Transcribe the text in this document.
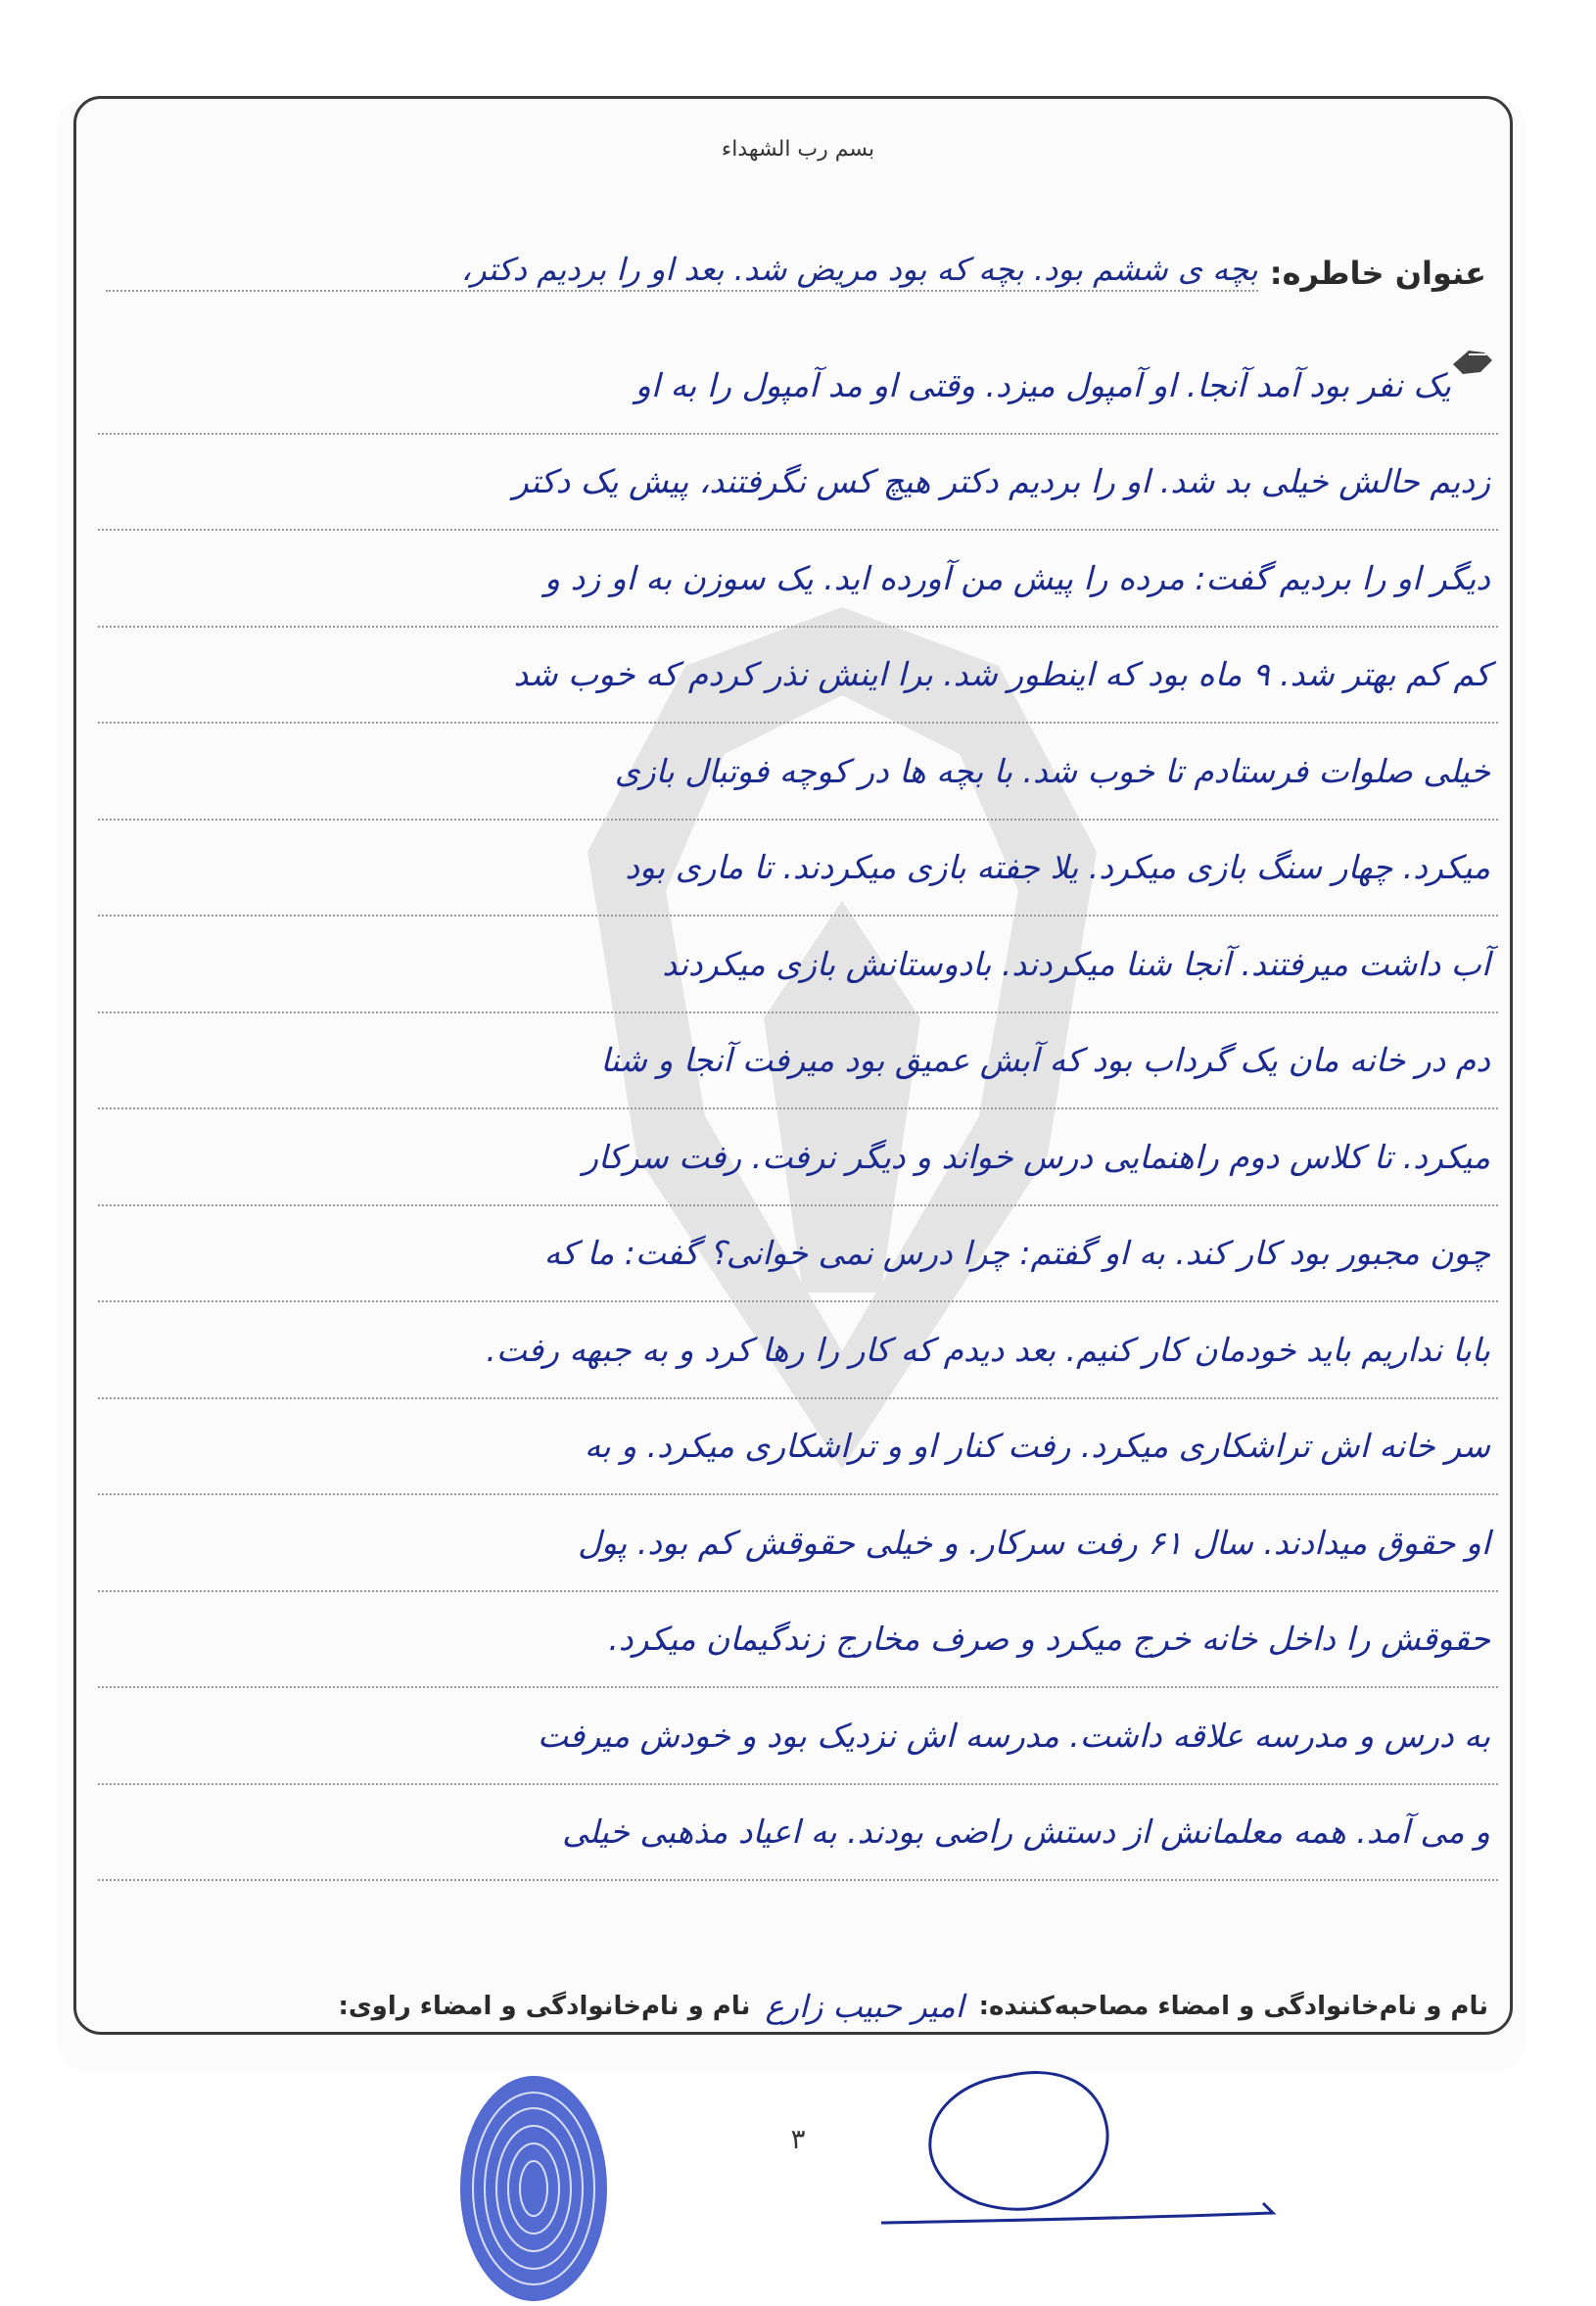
بسم رب الشهداء
عنوان خاطره:
بچه ی ششم بود. بچه که بود مریض شد. بعد او را بردیم دکتر،
یک نفر بود آمد آنجا. او آمپول میزد. وقتی او مد آمپول را به او
زدیم حالش خیلی بد شد. او را بردیم دکتر هیچ کس نگرفتند، پیش یک دکتر
دیگر او را بردیم گفت: مرده را پیش من آورده اید. یک سوزن به او زد و
کم کم بهتر شد. ۹ ماه بود که اینطور شد. برا اینش نذر کردم که خوب شد
خیلی صلوات فرستادم تا خوب شد. با بچه ها در کوچه فوتبال بازی
میکرد. چهار سنگ بازی میکرد. یلا جفته بازی میکردند. تا ماری بود
آب داشت میرفتند. آنجا شنا میکردند. بادوستانش بازی میکردند
دم در خانه مان یک گرداب بود که آبش عمیق بود میرفت آنجا و شنا
میکرد. تا کلاس دوم راهنمایی درس خواند و دیگر نرفت. رفت سرکار
چون مجبور بود کار کند. به او گفتم: چرا درس نمی خوانی؟ گفت: ما که
بابا نداریم باید خودمان کار کنیم. بعد دیدم که کار را رها کرد و به جبهه رفت.
سر خانه اش تراشکاری میکرد. رفت کنار او و تراشکاری میکرد. و به
او حقوق میدادند. سال ۶۱ رفت سرکار. و خیلی حقوقش کم بود. پول
حقوقش را داخل خانه خرج میکرد و صرف مخارج زندگیمان میکرد.
به درس و مدرسه علاقه داشت. مدرسه اش نزدیک بود و خودش میرفت
و می آمد. همه معلمانش از دستش راضی بودند. به اعیاد مذهبی خیلی
نام و نام‌خانوادگی و امضاء مصاحبه‌کننده: امیر حبیب زارع نام و نام‌خانوادگی و امضاء راوی:
۳
